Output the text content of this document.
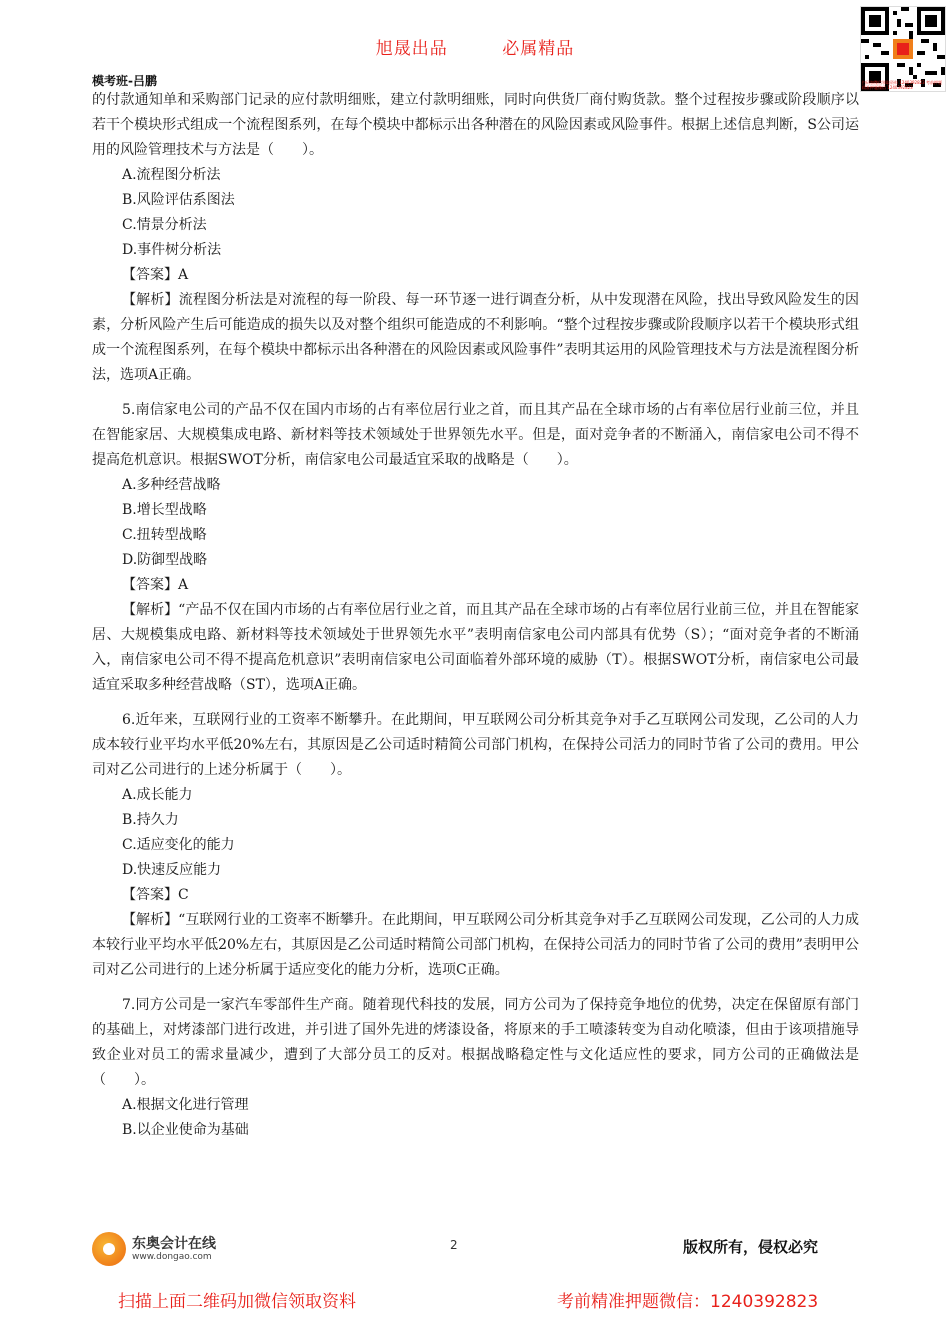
旭晟出品	必属精品
扫码加微信领取资料 1240392823 考前押题 精准押题微信 1240392823
模考班-吕鹏

的付款通知单和采购部门记录的应付款明细账，建立付款明细账，同时向供货厂商付购货款。整个过程按步骤或阶段顺序以若干个模块形式组成一个流程图系列，在每个模块中都标示出各种潜在的风险因素或风险事件。根据上述信息判断，S公司运用的风险管理技术与方法是（　　）。

A.流程图分析法

B.风险评估系图法

C.情景分析法

D.事件树分析法

【答案】A

【解析】流程图分析法是对流程的每一阶段、每一环节逐一进行调查分析，从中发现潜在风险，找出导致风险发生的因素，分析风险产生后可能造成的损失以及对整个组织可能造成的不利影响。“整个过程按步骤或阶段顺序以若干个模块形式组成一个流程图系列，在每个模块中都标示出各种潜在的风险因素或风险事件”表明其运用的风险管理技术与方法是流程图分析法，选项A正确。

5.南信家电公司的产品不仅在国内市场的占有率位居行业之首，而且其产品在全球市场的占有率位居行业前三位，并且在智能家居、大规模集成电路、新材料等技术领域处于世界领先水平。但是，面对竞争者的不断涌入，南信家电公司不得不提高危机意识。根据SWOT分析，南信家电公司最适宜采取的战略是（　　）。

A.多种经营战略

B.增长型战略

C.扭转型战略

D.防御型战略

【答案】A

【解析】“产品不仅在国内市场的占有率位居行业之首，而且其产品在全球市场的占有率位居行业前三位，并且在智能家居、大规模集成电路、新材料等技术领域处于世界领先水平”表明南信家电公司内部具有优势（S）；“面对竞争者的不断涌入，南信家电公司不得不提高危机意识”表明南信家电公司面临着外部环境的威胁（T）。根据SWOT分析，南信家电公司最适宜采取多种经营战略（ST），选项A正确。

6.近年来，互联网行业的工资率不断攀升。在此期间，甲互联网公司分析其竞争对手乙互联网公司发现，乙公司的人力成本较行业平均水平低20%左右，其原因是乙公司适时精简公司部门机构，在保持公司活力的同时节省了公司的费用。甲公司对乙公司进行的上述分析属于（　　）。

A.成长能力

B.持久力

C.适应变化的能力

D.快速反应能力

【答案】C

【解析】“互联网行业的工资率不断攀升。在此期间，甲互联网公司分析其竞争对手乙互联网公司发现，乙公司的人力成本较行业平均水平低20%左右，其原因是乙公司适时精简公司部门机构，在保持公司活力的同时节省了公司的费用”表明甲公司对乙公司进行的上述分析属于适应变化的能力分析，选项C正确。

7.同方公司是一家汽车零部件生产商。随着现代科技的发展，同方公司为了保持竞争地位的优势，决定在保留原有部门的基础上，对烤漆部门进行改进，并引进了国外先进的烤漆设备，将原来的手工喷漆转变为自动化喷漆，但由于该项措施导致企业对员工的需求量减少，遭到了大部分员工的反对。根据战略稳定性与文化适应性的要求，同方公司的正确做法是（　　）。

A.根据文化进行管理

B.以企业使命为基础

东奥会计在线
www.dongao.com
2	版权所有，侵权必究
扫描上面二维码加微信领取资料	考前精准押题微信：1240392823
